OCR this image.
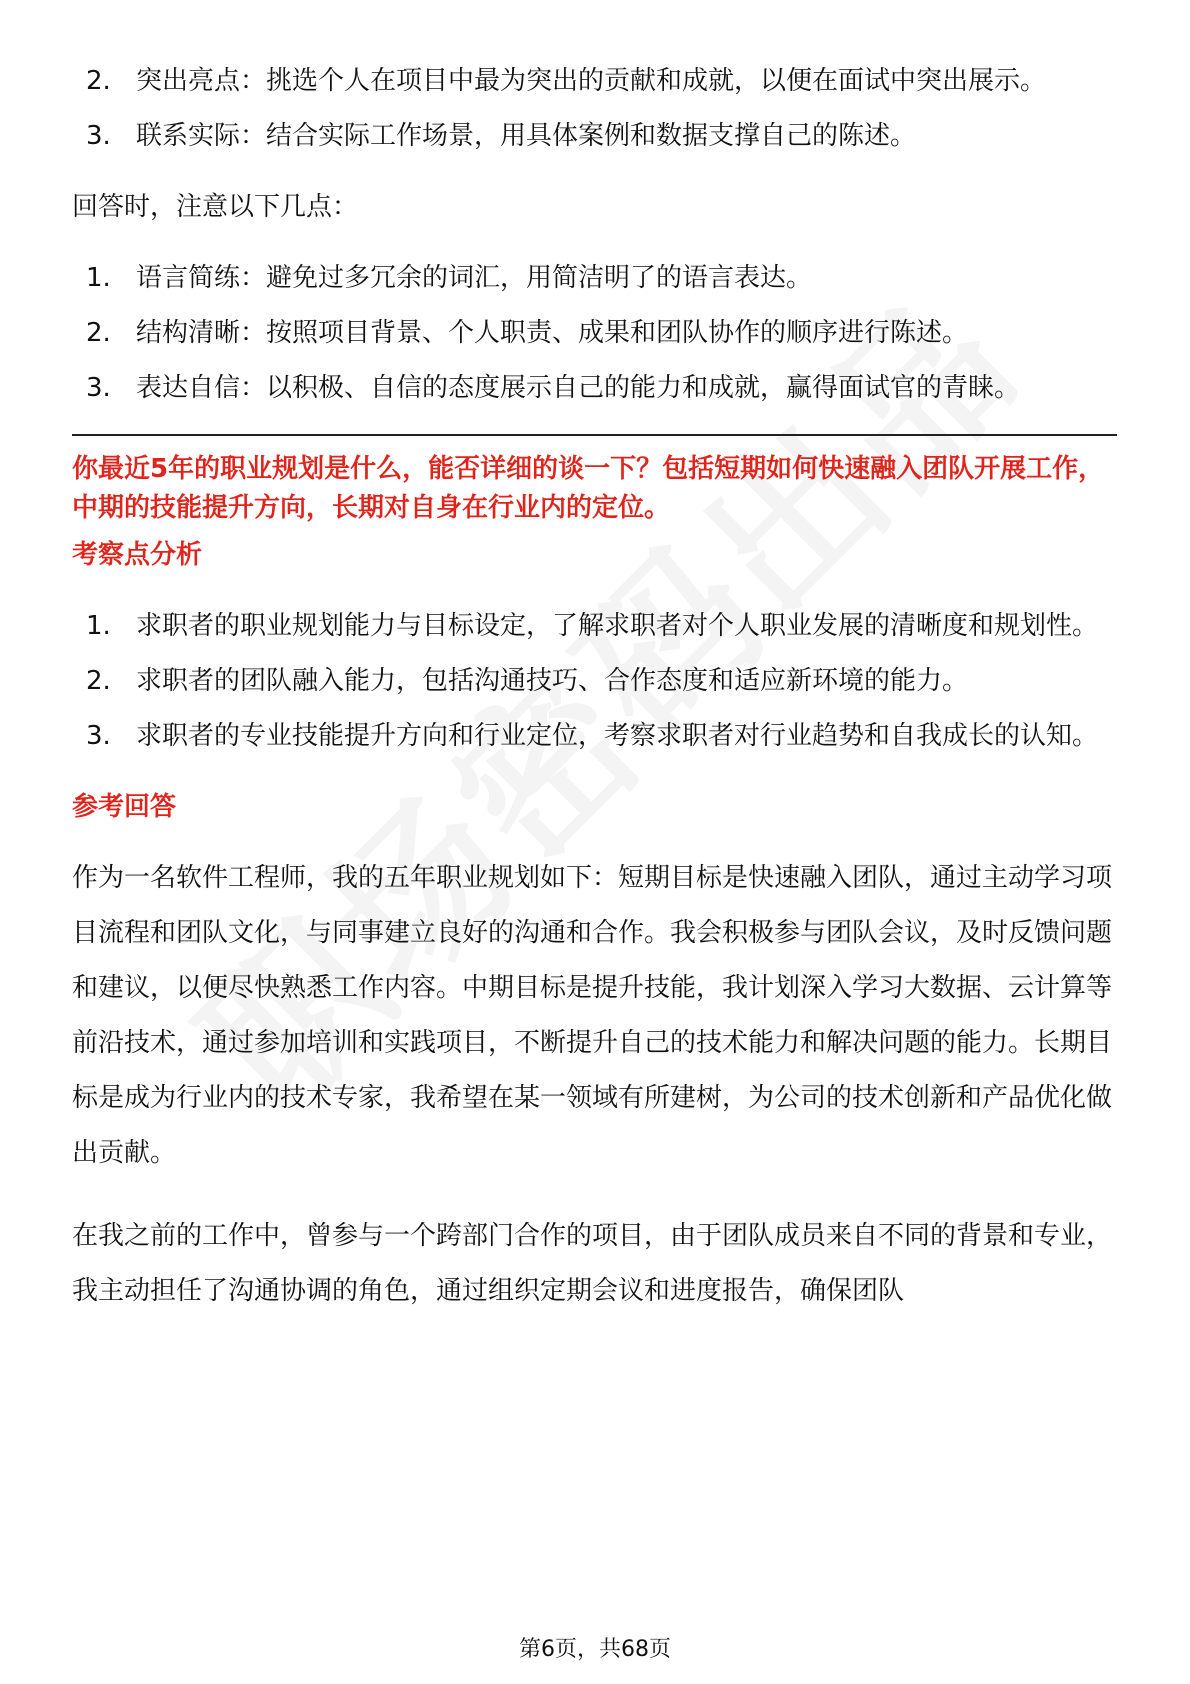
2. 突出亮点：挑选个人在项目中最为突出的贡献和成就，以便在面试中突出展示。
3. 联系实际：结合实际工作场景，用具体案例和数据支撑自己的陈述。

回答时，注意以下几点：

1. 语言简练：避免过多冗余的词汇，用简洁明了的语言表达。
2. 结构清晰：按照项目背景、个人职责、成果和团队协作的顺序进行陈述。
3. 表达自信：以积极、自信的态度展示自己的能力和成就，赢得面试官的青睐。

你最近5年的职业规划是什么，能否详细的谈一下？包括短期如何快速融入团队开展工作，中期的技能提升方向，长期对自身在行业内的定位。

考察点分析

1. 求职者的职业规划能力与目标设定，了解求职者对个人职业发展的清晰度和规划性。
2. 求职者的团队融入能力，包括沟通技巧、合作态度和适应新环境的能力。
3. 求职者的专业技能提升方向和行业定位，考察求职者对行业趋势和自我成长的认知。

参考回答

作为一名软件工程师，我的五年职业规划如下：短期目标是快速融入团队，通过主动学习项目流程和团队文化，与同事建立良好的沟通和合作。我会积极参与团队会议，及时反馈问题和建议，以便尽快熟悉工作内容。中期目标是提升技能，我计划深入学习大数据、云计算等前沿技术，通过参加培训和实践项目，不断提升自己的技术能力和解决问题的能力。长期目标是成为行业内的技术专家，我希望在某一领域有所建树，为公司的技术创新和产品优化做出贡献。

在我之前的工作中，曾参与一个跨部门合作的项目，由于团队成员来自不同的背景和专业，我主动担任了沟通协调的角色，通过组织定期会议和进度报告，确保团队

第6页，共68页
